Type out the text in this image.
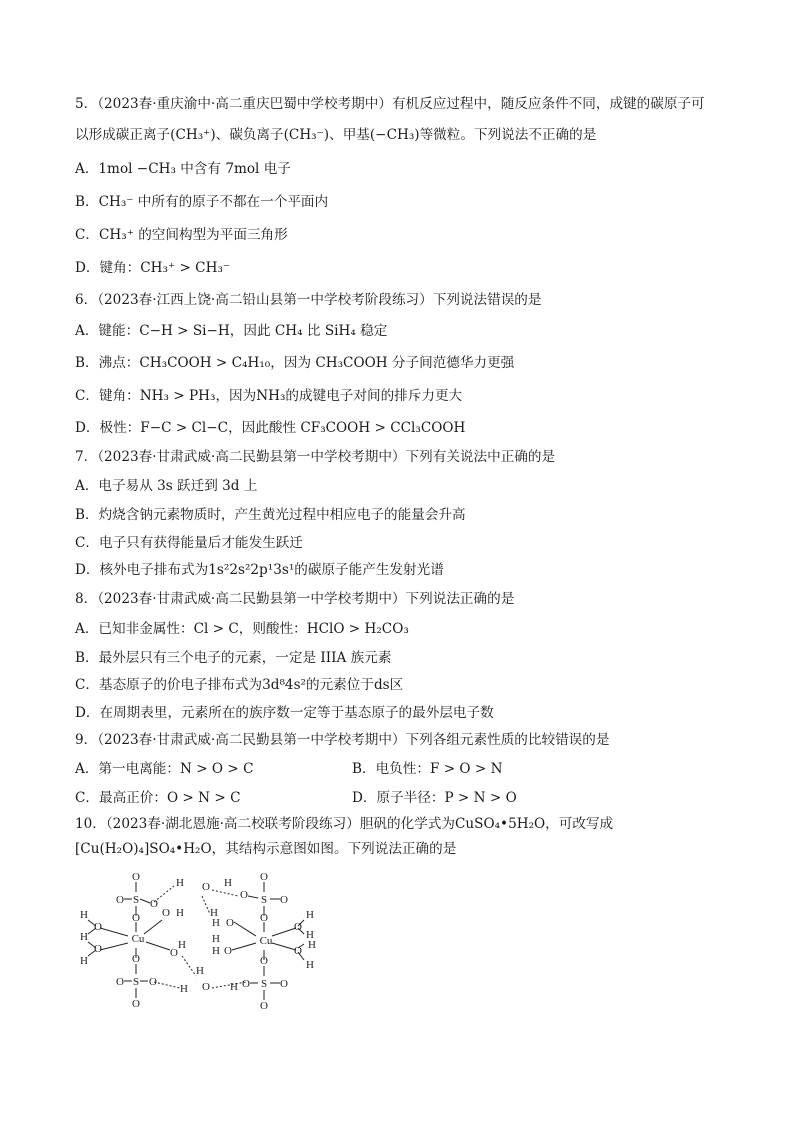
5．（2023春·重庆渝中·高二重庆巴蜀中学校考期中）有机反应过程中，随反应条件不同，成键的碳原子可
以形成碳正离子(CH₃⁺)、碳负离子(CH₃⁻)、甲基(−CH₃)等微粒。下列说法不正确的是
A．1mol −CH₃ 中含有 7mol 电子
B．CH₃⁻ 中所有的原子不都在一个平面内
C．CH₃⁺ 的空间构型为平面三角形
D．键角：CH₃⁺ > CH₃⁻
6．（2023春·江西上饶·高二铅山县第一中学校考阶段练习）下列说法错误的是
A．键能：C−H > Si−H，因此 CH₄ 比 SiH₄ 稳定
B．沸点：CH₃COOH > C₄H₁₀，因为 CH₃COOH 分子间范德华力更强
C．键角：NH₃ > PH₃，因为NH₃的成键电子对间的排斥力更大
D．极性：F−C > Cl−C，因此酸性 CF₃COOH > CCl₃COOH
7．（2023春·甘肃武威·高二民勤县第一中学校考期中）下列有关说法中正确的是
A．电子易从 3s 跃迁到 3d 上
B．灼烧含钠元素物质时，产生黄光过程中相应电子的能量会升高
C．电子只有获得能量后才能发生跃迁
D．核外电子排布式为1s²2s²2p¹3s¹的碳原子能产生发射光谱
8．（2023春·甘肃武威·高二民勤县第一中学校考期中）下列说法正确的是
A．已知非金属性：Cl > C，则酸性：HClO > H₂CO₃
B．最外层只有三个电子的元素，一定是 IIIA 族元素
C．基态原子的价电子排布式为3d⁸4s²的元素位于ds区
D．在周期表里，元素所在的族序数一定等于基态原子的最外层电子数
9．（2023春·甘肃武威·高二民勤县第一中学校考期中）下列各组元素性质的比较错误的是
A．第一电离能：N > O > C	B．电负性：F > O > N
C．最高正价：O > N > C	D．原子半径：P > N > O
10．（2023春·湖北恩施·高二校联考阶段练习）胆矾的化学式为CuSO₄•5H₂O，可改写成
[Cu(H₂O)₄]SO₄•H₂O，其结构示意图如图。下列说法正确的是
O
S
O O
O
Cu
O
S
O O
O
H
O
H
O
H
O H
O
H
H O H
H
H O
H
H
O
O S O
O
Cu
H O
H
O
H
O
O S O
O
H
O
H
H
O
H
